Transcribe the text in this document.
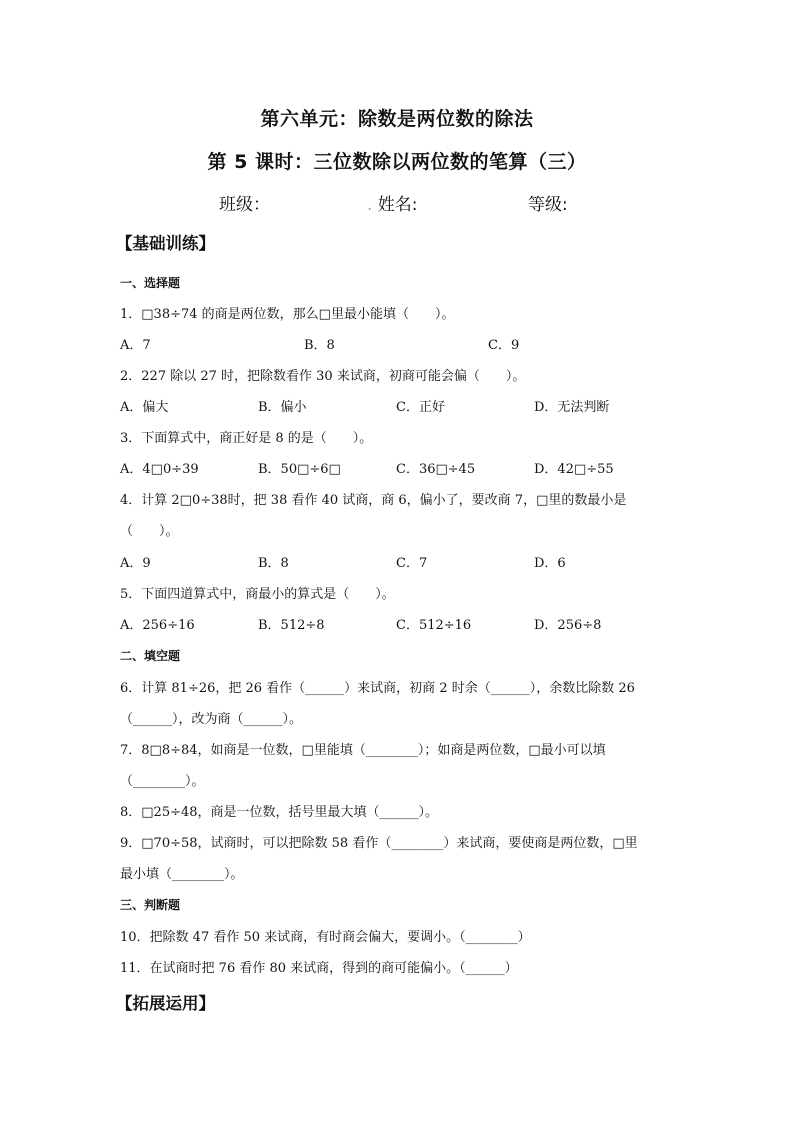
第六单元：除数是两位数的除法
第 5 课时：三位数除以两位数的笔算（三）
班级：	. 姓名:	等级:
【基础训练】
一、选择题
1．□38÷74 的商是两位数，那么□里最小能填（　　）。
A．7	B．8	C．9
2．227 除以 27 时，把除数看作 30 来试商，初商可能会偏（　　）。
A．偏大	B．偏小	C．正好	D．无法判断
3．下面算式中，商正好是 8 的是（　　）。
A．4□0÷39	B．50□÷6□	C．36□÷45	D．42□÷55
4．计算 2□0÷38时，把 38 看作 40 试商，商 6，偏小了，要改商 7，□里的数最小是
（　　）。
A．9	B．8	C．7	D．6
5．下面四道算式中，商最小的算式是（　　）。
A．256÷16	B．512÷8	C．512÷16	D．256÷8
二、填空题
6．计算 81÷26，把 26 看作（______）来试商，初商 2 时余（______），余数比除数 26
（______），改为商（______）。
7．8□8÷84，如商是一位数，□里能填（________）；如商是两位数，□最小可以填
（________）。
8．□25÷48，商是一位数，括号里最大填（______）。
9．□70÷58，试商时，可以把除数 58 看作（________）来试商，要使商是两位数，□里
最小填（________）。
三、判断题
10．把除数 47 看作 50 来试商，有时商会偏大，要调小。（________）
11．在试商时把 76 看作 80 来试商，得到的商可能偏小。（______）
【拓展运用】
